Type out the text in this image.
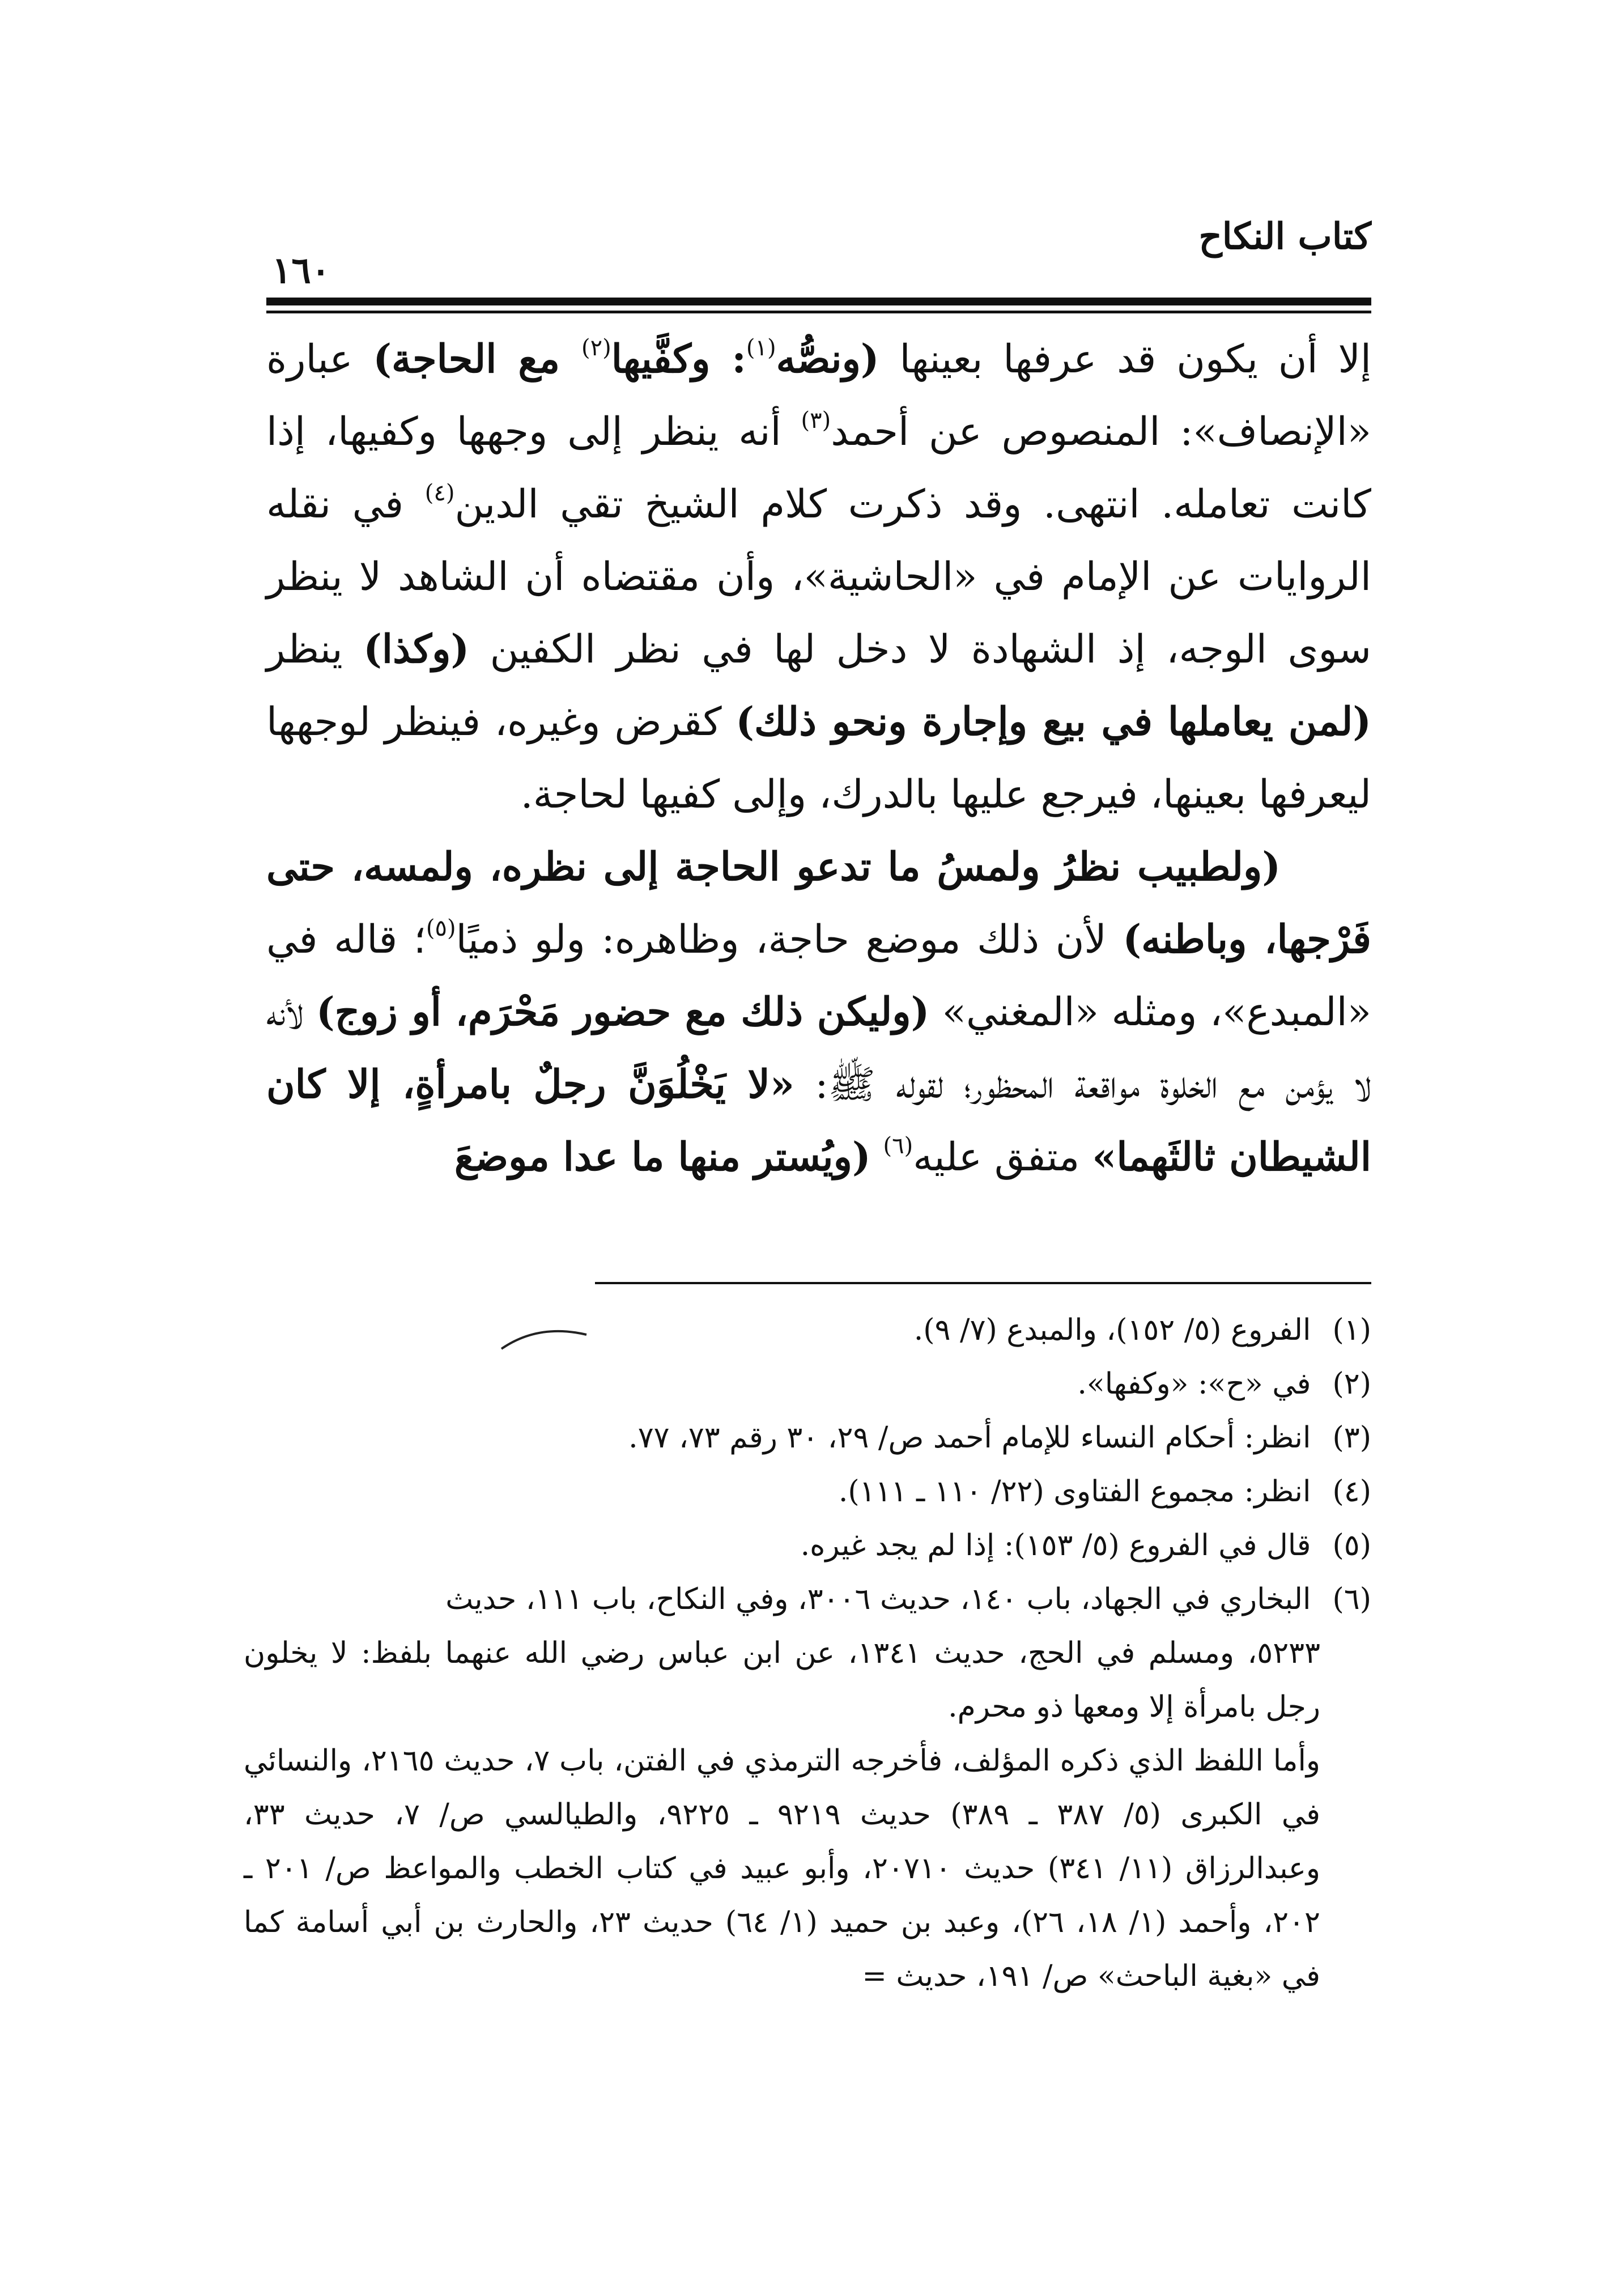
كتاب النكاح
١٦٠

إلا أن يكون قد عرفها بعينها (ونصُّه$^{(١)}$: وكفَّيها$^{(٢)}$ مع الحاجة) عبارة «الإنصاف»: المنصوص عن أحمد$^{(٣)}$ أنه ينظر إلى وجهها وكفيها، إذا كانت تعامله. انتهى. وقد ذكرت كلام الشيخ تقي الدين$^{(٤)}$ في نقله الروايات عن الإمام في «الحاشية»، وأن مقتضاه أن الشاهد لا ينظر سوى الوجه، إذ الشهادة لا دخل لها في نظر الكفين (وكذا) ينظر (لمن يعاملها في بيع وإجارة ونحو ذلك) كقرض وغيره، فينظر لوجهها ليعرفها بعينها، فيرجع عليها بالدرك، وإلى كفيها لحاجة.

(ولطبيب نظرُ ولمسُ ما تدعو الحاجة إلى نظره، ولمسه، حتى فَرْجها، وباطنه) لأن ذلك موضع حاجة، وظاهره: ولو ذميًا$^{(٥)}$؛ قاله في «المبدع»، ومثله «المغني» (وليكن ذلك مع حضور مَحْرَم، أو زوج) لأنه لا يؤمن مع الخلوة مواقعة المحظور؛ لقوله ﷺ: «لا يَخْلُوَنَّ رجلٌ بامرأةٍ، إلا كان الشيطان ثالثَهما» متفق عليه$^{(٦)}$ (ويُستر منها ما عدا موضعَ

(١) الفروع (٥/ ١٥٢)، والمبدع (٧/ ٩).

(٢) في «ح»: «وكفها».

(٣) انظر: أحكام النساء للإمام أحمد ص/ ٢٩، ٣٠ رقم ٧٣، ٧٧.

(٤) انظر: مجموع الفتاوى (٢٢/ ١١٠ ـ ١١١).

(٥) قال في الفروع (٥/ ١٥٣): إذا لم يجد غيره.

(٦) البخاري في الجهاد، باب ١٤٠، حديث ٣٠٠٦، وفي النكاح، باب ١١١، حديث

٥٢٣٣، ومسلم في الحج، حديث ١٣٤١، عن ابن عباس رضي الله عنهما بلفظ: لا يخلون رجل بامرأة إلا ومعها ذو محرم.

وأما اللفظ الذي ذكره المؤلف، فأخرجه الترمذي في الفتن، باب ٧، حديث ٢١٦٥، والنسائي في الكبرى (٥/ ٣٨٧ ـ ٣٨٩) حديث ٩٢١٩ ـ ٩٢٢٥، والطيالسي ص/ ٧، حديث ٣٣، وعبدالرزاق (١١/ ٣٤١) حديث ٢٠٧١٠، وأبو عبيد في كتاب الخطب والمواعظ ص/ ٢٠١ ـ ٢٠٢، وأحمد (١/ ١٨، ٢٦)، وعبد بن حميد (١/ ٦٤) حديث ٢٣، والحارث بن أبي أسامة كما في «بغية الباحث» ص/ ١٩١، حديث =
